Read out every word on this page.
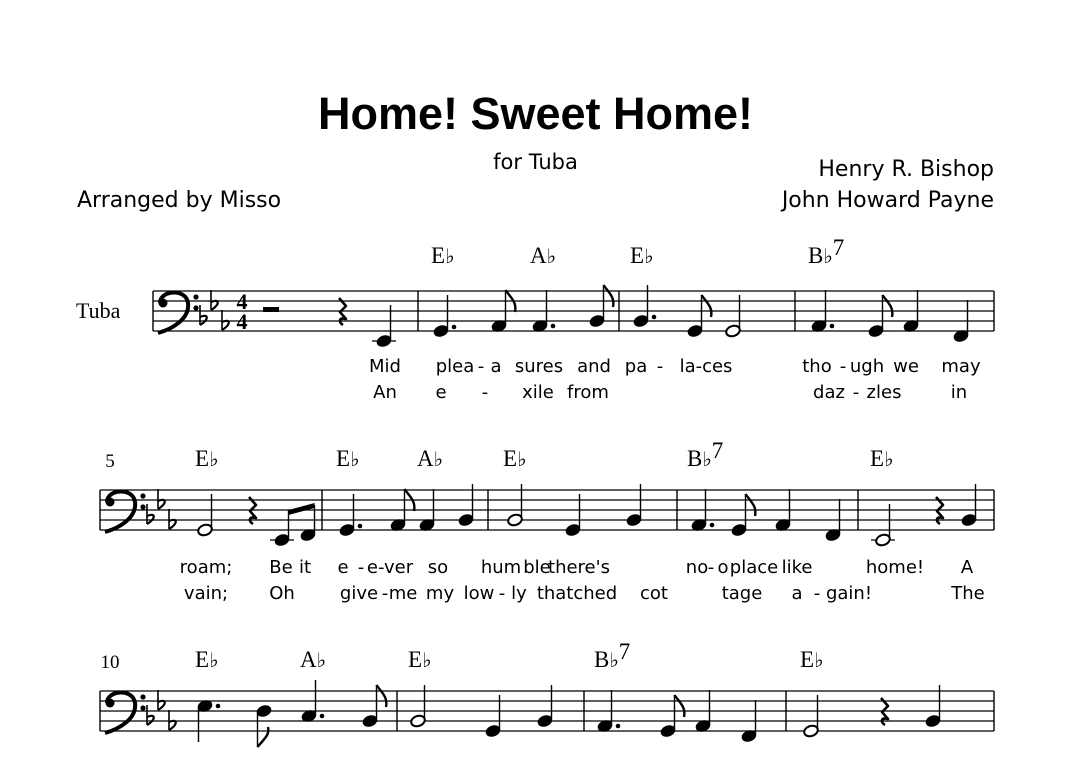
Home! Sweet Home!
for Tuba	Henry R. Bishop
John Howard Payne
Arranged by Misso
4
4
Tuba
E♭	A♭	E♭	B♭7
Mid plea - a sures and pa - la-ces	tho - ugh we may
An e - xile from	daz - zles	in
5	E♭	E♭	A♭	E♭	B♭7	E♭
roam; Be it e - e-ver so hum ble
there's	no - o place like	home! A
vain; Oh	give - me my low - ly thatched cot	tage a - gain!	The
10	E♭	A♭	E♭	B♭7	E♭
